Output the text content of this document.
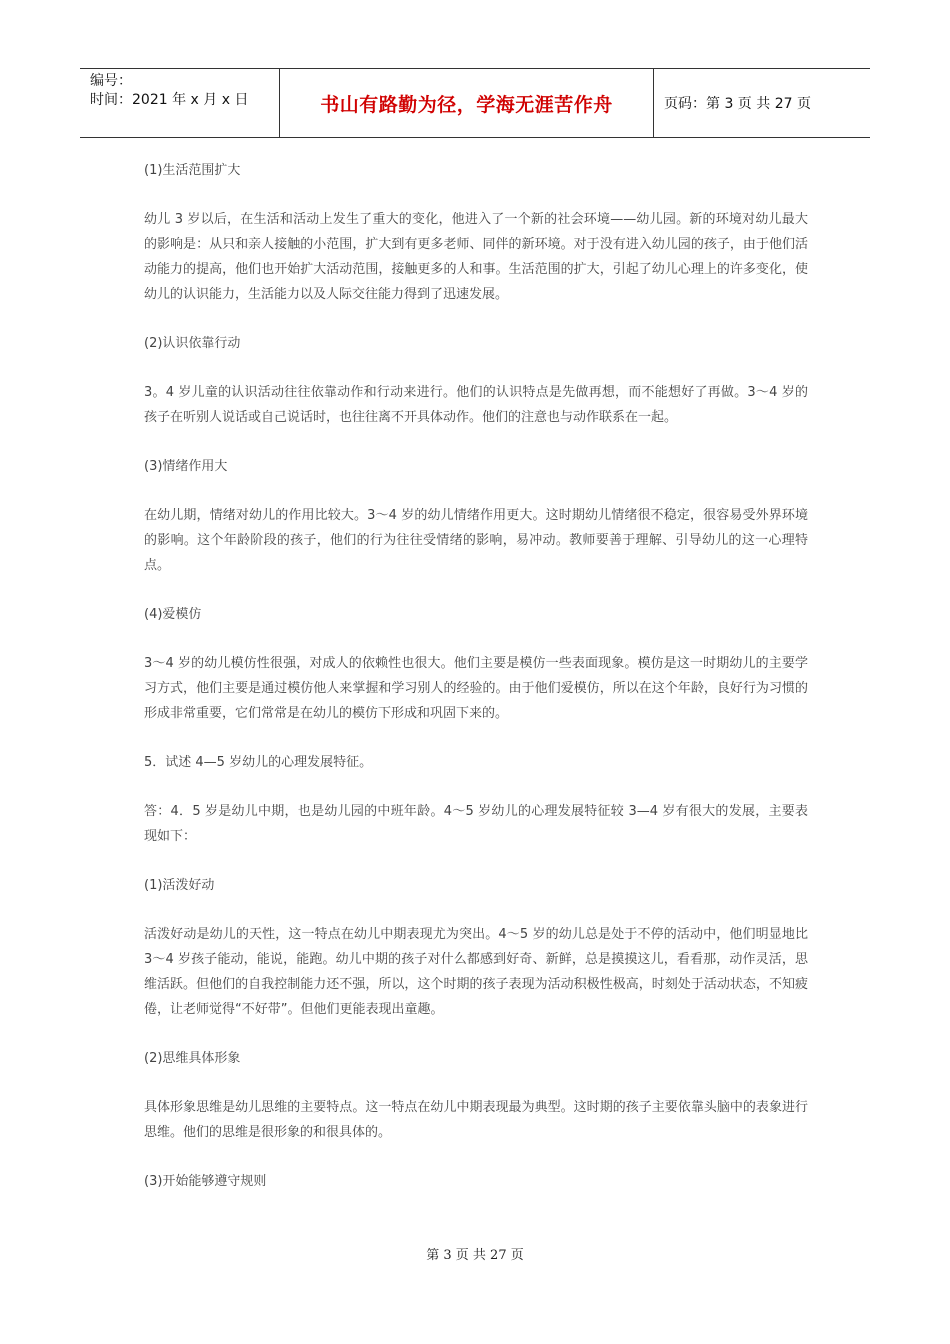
编号：
时间：2021 年 x 月 x 日	书山有路勤为径，学海无涯苦作舟	页码：第 3 页 共 27 页

(1)生活范围扩大

幼儿 3 岁以后，在生活和活动上发生了重大的变化，他进入了一个新的社会环境——幼儿园。新的环境对幼儿最大的影响是：从只和亲人接触的小范围，扩大到有更多老师、同伴的新环境。对于没有进入幼儿园的孩子，由于他们活动能力的提高，他们也开始扩大活动范围，接触更多的人和事。生活范围的扩大，引起了幼儿心理上的许多变化，使幼儿的认识能力，生活能力以及人际交往能力得到了迅速发展。

(2)认识依靠行动

3。4 岁儿童的认识活动往往依靠动作和行动来进行。他们的认识特点是先做再想，而不能想好了再做。3～4 岁的孩子在听别人说话或自己说话时，也往往离不开具体动作。他们的注意也与动作联系在一起。

(3)情绪作用大

在幼儿期，情绪对幼儿的作用比较大。3～4 岁的幼儿情绪作用更大。这时期幼儿情绪很不稳定，很容易受外界环境的影响。这个年龄阶段的孩子，他们的行为往往受情绪的影响，易冲动。教师要善于理解、引导幼儿的这一心理特点。

(4)爱模仿

3～4 岁的幼儿模仿性很强，对成人的依赖性也很大。他们主要是模仿一些表面现象。模仿是这一时期幼儿的主要学习方式，他们主要是通过模仿他人来掌握和学习别人的经验的。由于他们爱模仿，所以在这个年龄，良好行为习惯的形成非常重要，它们常常是在幼儿的模仿下形成和巩固下来的。

5．试述 4—5 岁幼儿的心理发展特征。

答：4．5 岁是幼儿中期，也是幼儿园的中班年龄。4～5 岁幼儿的心理发展特征较 3—4 岁有很大的发展，主要表现如下：

(1)活泼好动

活泼好动是幼儿的天性，这一特点在幼儿中期表现尤为突出。4～5 岁的幼儿总是处于不停的活动中，他们明显地比 3～4 岁孩子能动，能说，能跑。幼儿中期的孩子对什么都感到好奇、新鲜，总是摸摸这儿，看看那，动作灵活，思维活跃。但他们的自我控制能力还不强，所以，这个时期的孩子表现为活动积极性极高，时刻处于活动状态，不知疲倦，让老师觉得“不好带”。但他们更能表现出童趣。

(2)思维具体形象

具体形象思维是幼儿思维的主要特点。这一特点在幼儿中期表现最为典型。这时期的孩子主要依靠头脑中的表象进行思维。他们的思维是很形象的和很具体的。

(3)开始能够遵守规则

第 3 页 共 27 页
